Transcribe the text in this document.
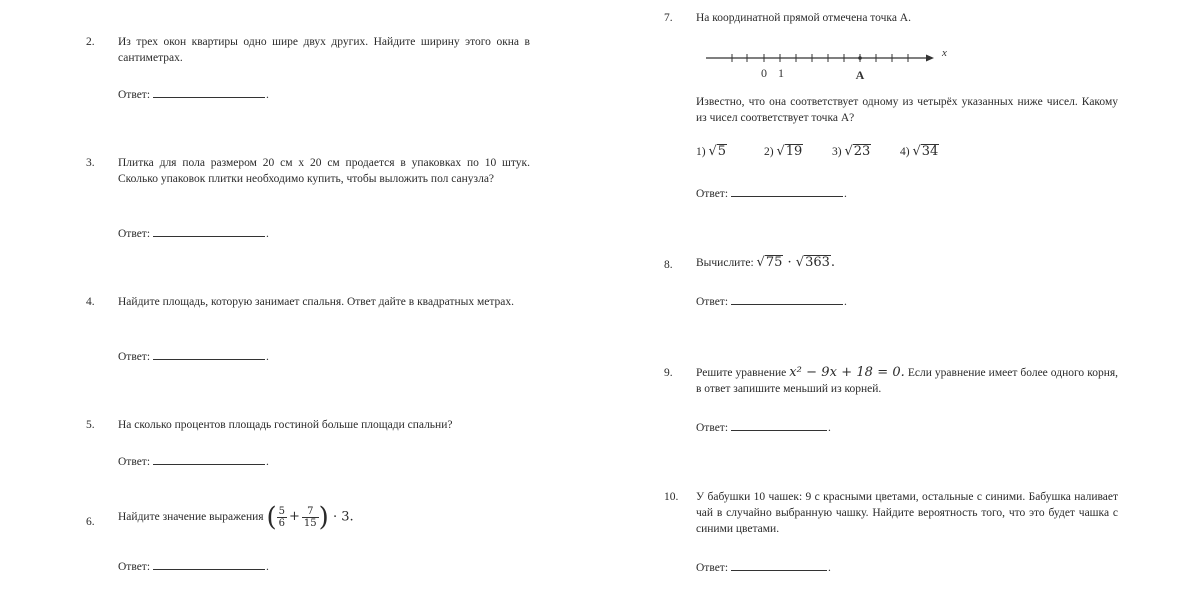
2. Из трех окон квартиры одно шире двух других. Найдите ширину этого окна в сантиметрах.
Ответ:	.
3. Плитка для пола размером 20 см х 20 см продается в упаковках по 10 штук. Сколько упаковок плитки необходимо купить, чтобы выложить пол санузла?
Ответ:	.
4. Найдите площадь, которую занимает спальня. Ответ дайте в квадратных метрах.
Ответ:	.
5. На сколько процентов площадь гостиной больше площади спальни?
Ответ:	.
6. Найдите значение выражения ( $\frac{5}{6} + \frac{7}{15}$ ) · 3.
Ответ:	.
7. На координатной прямой отмечена точка А.
x
0 1	A
Известно, что она соответствует одному из четырёх указанных ниже чисел. Какому из чисел соответствует точка А?
1) √5	2) √19	3) √23	4) √34
Ответ:	.
8. Вычислите: √75 · √363.
Ответ:	.
9. Решите уравнение x² − 9x + 18 = 0. Если уравнение имеет более одного корня, в ответ запишите меньший из корней.
Ответ:	.
10. У бабушки 10 чашек: 9 с красными цветами, остальные с синими. Бабушка наливает чай в случайно выбранную чашку. Найдите вероятность того, что это будет чашка с синими цветами.
Ответ:	.
